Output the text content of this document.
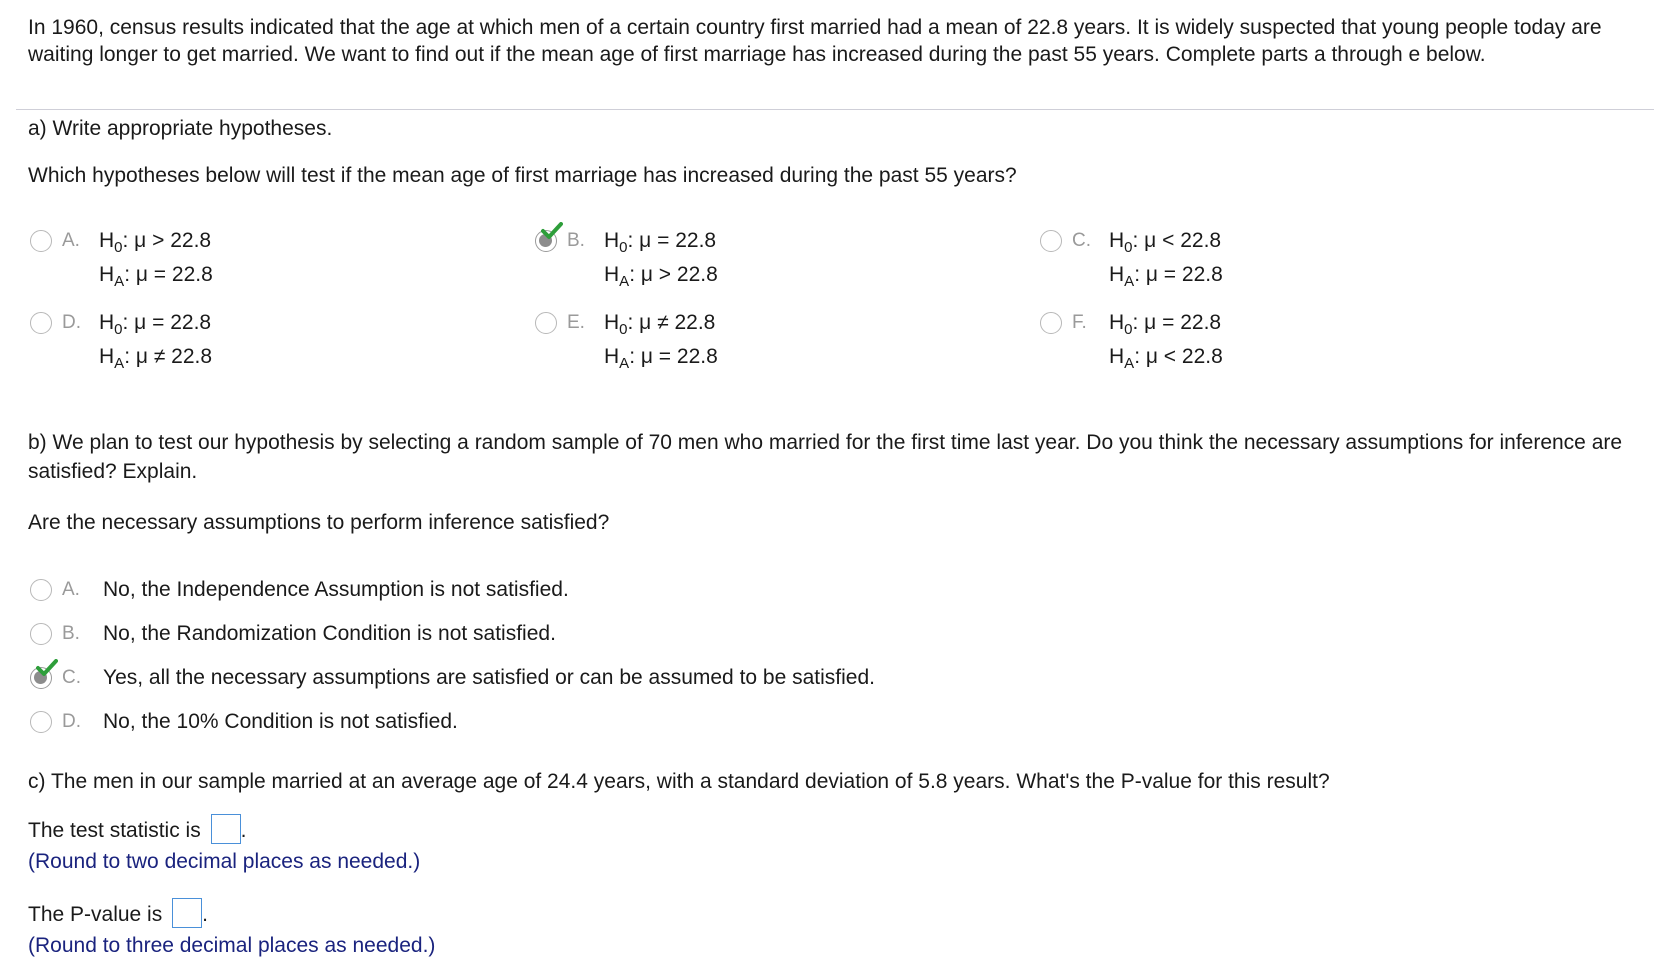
In 1960, census results indicated that the age at which men of a certain country first married had a mean of 22.8 years. It is widely suspected that young people today are waiting longer to get married. We want to find out if the mean age of first marriage has increased during the past 55 years. Complete parts a through e below.
a) Write appropriate hypotheses.
Which hypotheses below will test if the mean age of first marriage has increased during the past 55 years?
A. $H_0$: μ > 22.8
$H_A$: μ = 22.8
B. $H_0$: μ = 22.8
$H_A$: μ > 22.8
C. $H_0$: μ < 22.8
$H_A$: μ = 22.8
D. $H_0$: μ = 22.8
$H_A$: μ ≠ 22.8
E. $H_0$: μ ≠ 22.8
$H_A$: μ = 22.8
F. $H_0$: μ = 22.8
$H_A$: μ < 22.8
b) We plan to test our hypothesis by selecting a random sample of 70 men who married for the first time last year. Do you think the necessary assumptions for inference are satisfied? Explain.
Are the necessary assumptions to perform inference satisfied?
A. No, the Independence Assumption is not satisfied.
B. No, the Randomization Condition is not satisfied.
C. Yes, all the necessary assumptions are satisfied or can be assumed to be satisfied.
D. No, the 10% Condition is not satisfied.
c) The men in our sample married at an average age of 24.4 years, with a standard deviation of 5.8 years. What's the P-value for this result?
The test statistic is .
(Round to two decimal places as needed.)
The P-value is .
(Round to three decimal places as needed.)
